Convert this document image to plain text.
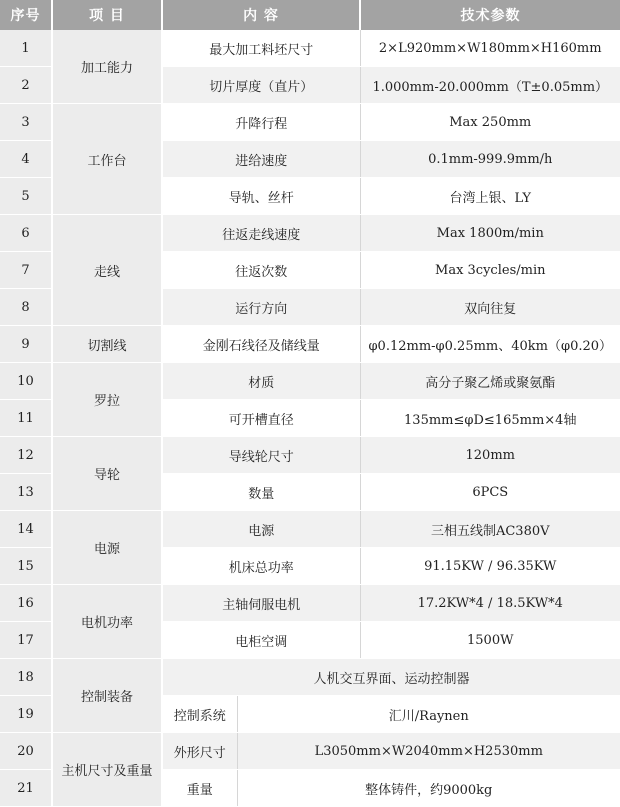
序号	项 目	内 容		技术参数
1	加工能力	最大加工料坯尺寸		2×L920mm×W180mm×H160mm
2		切片厚度（直片）		1.000mm-20.000mm（T±0.05mm）
3	工作台	升降行程		Max 250mm
4		进给速度		0.1mm-999.9mm/h
5		导轨、丝杆		台湾上银、LY
6	走线	往返走线速度		Max 1800m/min
7		往返次数		Max 3cycles/min
8		运行方向		双向往复
9	切割线	金刚石线径及储线量		φ0.12mm-φ0.25mm、40km（φ0.20）
10	罗拉	材质		高分子聚乙烯或聚氨酯
11		可开槽直径		135mm≤φD≤165mm×4轴
12	导轮	导线轮尺寸		120mm
13		数量		6PCS
14	电源	电源		三相五线制AC380V
15		机床总功率		91.15KW / 96.35KW
16	电机功率	主轴伺服电机		17.2KW*4 / 18.5KW*4
17		电柜空调		1500W
18	控制装备	人机交互界面、运动控制器		
19		控制系统	汇川/Raynen	
20	主机尺寸及重量	外形尺寸	L3050mm×W2040mm×H2530mm	
21		重量	整体铸件，约9000kg	
